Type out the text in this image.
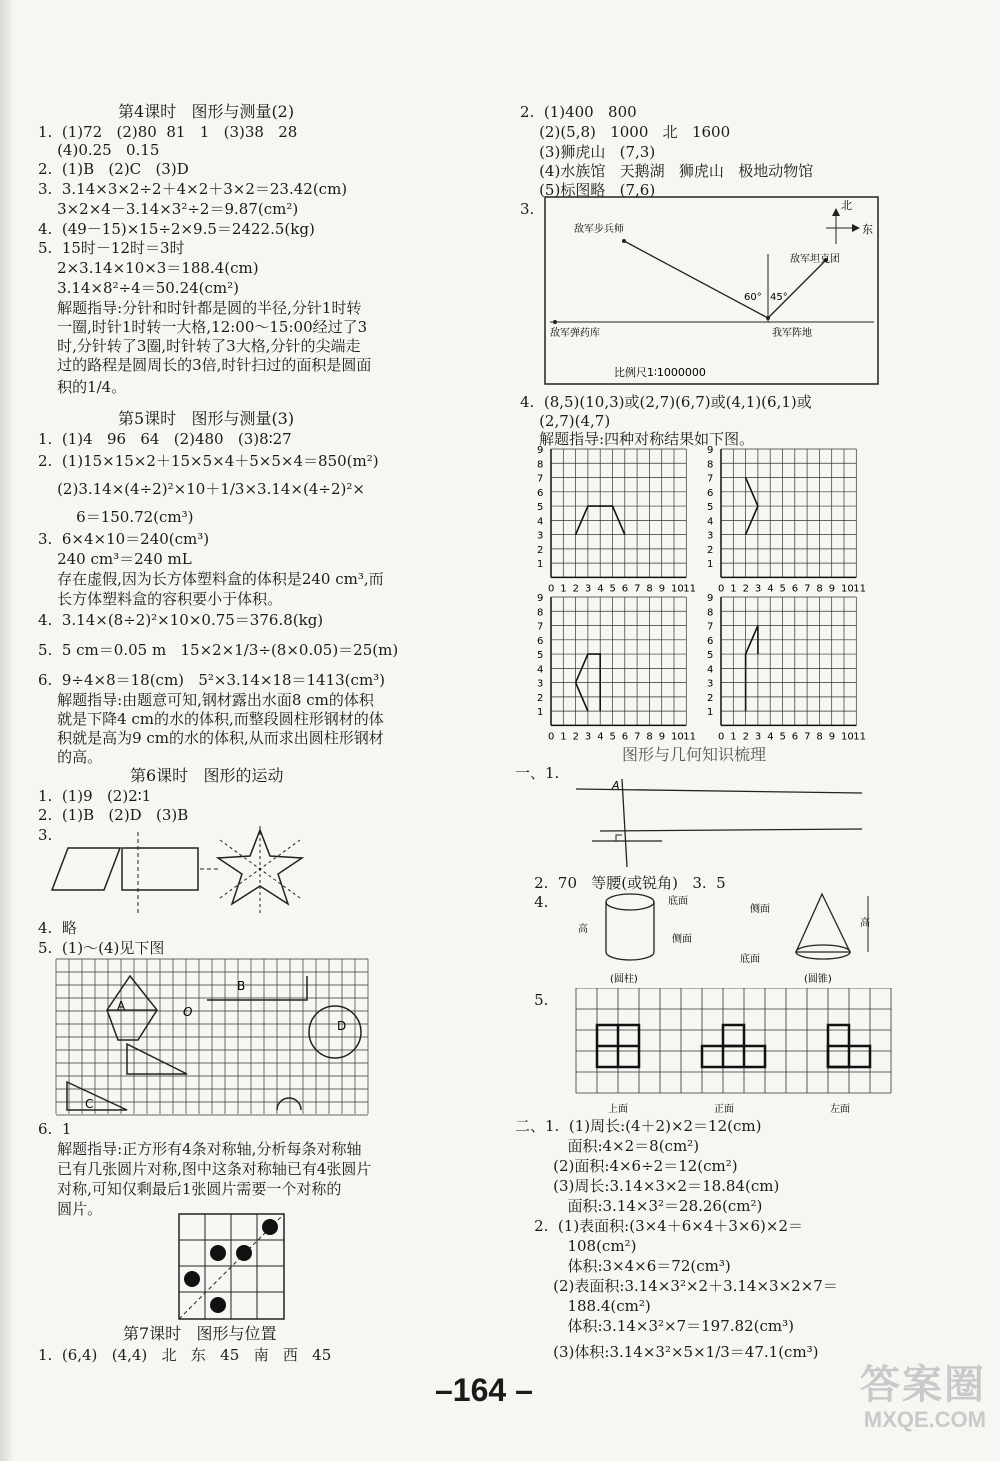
第4课时   图形与测量(2)
1.  (1)72   (2)80  81   1   (3)38   28
(4)0.25   0.15
2.  (1)B   (2)C   (3)D
3.  3.14×3×2÷2＋4×2＋3×2＝23.42(cm)
3×2×4－3.14×3²÷2＝9.87(cm²)
4.  (49－15)×15÷2×9.5＝2422.5(kg)
5.  15时－12时＝3时
2×3.14×10×3＝188.4(cm)
3.14×8²÷4＝50.24(cm²)
解题指导:分针和时针都是圆的半径,分针1时转
一圈,时针1时转一大格,12:00～15:00经过了3
时,分针转了3圈,时针转了3大格,分针的尖端走
过的路程是圆周长的3倍,时针扫过的面积是圆面
积的1/4。
第5课时   图形与测量(3)
1.  (1)4   96   64   (2)480   (3)8∶27
2.  (1)15×15×2＋15×5×4＋5×5×4＝850(m²)
(2)3.14×(4÷2)²×10＋1/3×3.14×(4÷2)²×
6＝150.72(cm³)
3.  6×4×10＝240(cm³)
240 cm³＝240 mL
存在虚假,因为长方体塑料盒的体积是240 cm³,而
长方体塑料盒的容积要小于体积。
4.  3.14×(8÷2)²×10×0.75＝376.8(kg)
5.  5 cm＝0.05 m   15×2×1/3÷(8×0.05)＝25(m)
6.  9÷4×8＝18(cm)   5²×3.14×18＝1413(cm³)
解题指导:由题意可知,钢材露出水面8 cm的体积
就是下降4 cm的水的体积,而整段圆柱形钢材的体
积就是高为9 cm的水的体积,从而求出圆柱形钢材
的高。
第6课时   图形的运动
1.  (1)9   (2)2∶1
2.  (1)B   (2)D   (3)B
3.
4.  略
5.  (1)～(4)见下图
A
B
O
D
C
6.  1
解题指导:正方形有4条对称轴,分析每条对称轴
已有几张圆片对称,图中这条对称轴已有4张圆片
对称,可知仅剩最后1张圆片需要一个对称的
圆片。
第7课时   图形与位置
1.  (6,4)   (4,4)   北   东   45   南   西   45
2.  (1)400   800
(2)(5,8)   1000   北   1600
(3)狮虎山   (7,3)
(4)水族馆   天鹅湖   狮虎山   极地动物馆
(5)标图略   (7,6)
3.	北
东
敌军步兵师
敌军坦克团
敌军弹药库	我军阵地
60° 45°
比例尺1∶1000000
4.  (8,5)(10,3)或(2,7)(6,7)或(4,1)(6,1)或
(2,7)(4,7)
解题指导:四种对称结果如下图。
9
8
7
6
5
4
3
2
1
0 1 2 3 4 5 6 7 8 9 10 11
9
8
7
6
5
4
3
2
1
0 1 2 3 4 5 6 7 8 9 10 11
9
8
7
6
5
4
3
2
1
0 1 2 3 4 5 6 7 8 9 10 11
9
8
7
6
5
4
3
2
1
0 1 2 3 4 5 6 7 8 9 10 11
图形与几何知识梳理
一、1.
A
2.  70   等腰(或锐角)   3.  5
4.
高
底面
侧面
(圆柱)
高
侧面
底面
(圆锥)
5.
上面	正面	左面
二、1.  (1)周长:(4＋2)×2＝12(cm)
面积:4×2＝8(cm²)
(2)面积:4×6÷2＝12(cm²)
(3)周长:3.14×3×2＝18.84(cm)
面积:3.14×3²＝28.26(cm²)
2.  (1)表面积:(3×4＋6×4＋3×6)×2＝
108(cm²)
体积:3×4×6＝72(cm³)
(2)表面积:3.14×3²×2＋3.14×3×2×7＝
188.4(cm²)
体积:3.14×3²×7＝197.82(cm³)
(3)体积:3.14×3²×5×1/3＝47.1(cm³)
–164 –	答案圈
MXQE.COM
